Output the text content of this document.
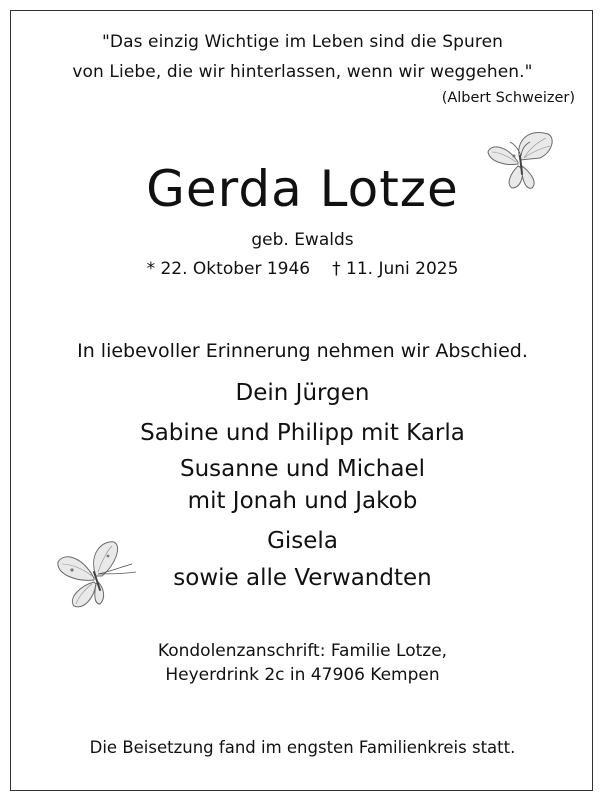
"Das einzig Wichtige im Leben sind die Spuren
von Liebe, die wir hinterlassen, wenn wir weggehen."
(Albert Schweizer)
Gerda Lotze
geb. Ewalds
* 22. Oktober 1946 † 11. Juni 2025
In liebevoller Erinnerung nehmen wir Abschied.
Dein Jürgen
Sabine und Philipp mit Karla
Susanne und Michael
mit Jonah und Jakob
Gisela
sowie alle Verwandten
Kondolenzanschrift: Familie Lotze,
Heyerdrink 2c in 47906 Kempen
Die Beisetzung fand im engsten Familienkreis statt.
